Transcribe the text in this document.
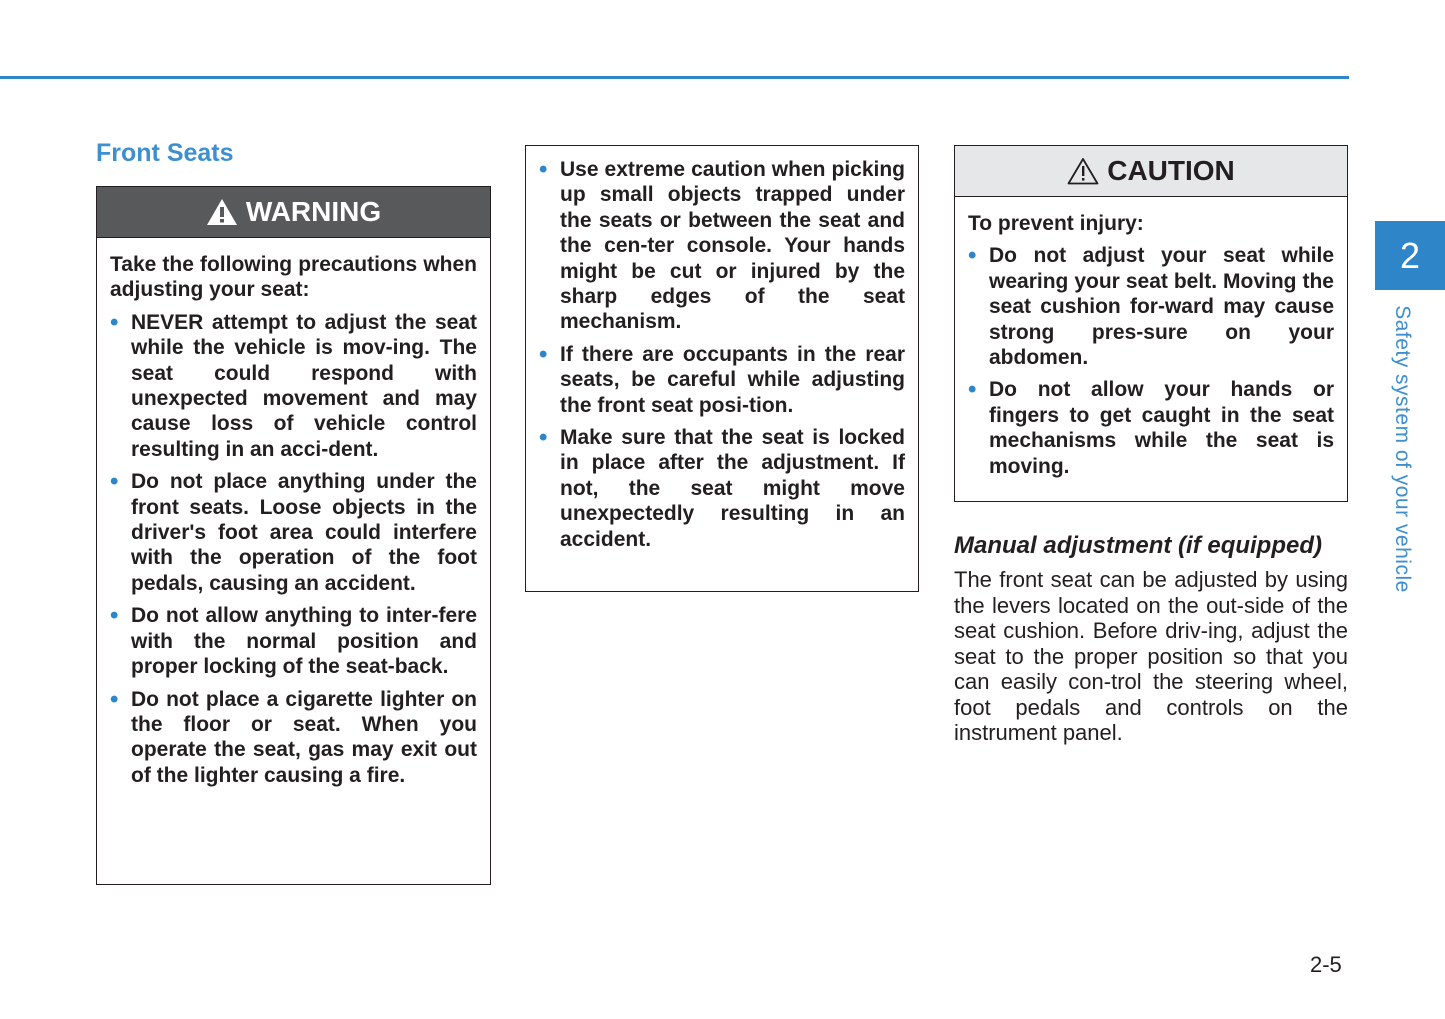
Front Seats
WARNING

Take the following precautions when adjusting your seat:

• NEVER attempt to adjust the seat while the vehicle is mov-ing. The seat could respond with unexpected movement and may cause loss of vehicle control resulting in an acci-dent.
• Do not place anything under the front seats. Loose objects in the driver's foot area could interfere with the operation of the foot pedals, causing an accident.
• Do not allow anything to inter-fere with the normal position and proper locking of the seat-back.
• Do not place a cigarette lighter on the floor or seat. When you operate the seat, gas may exit out of the lighter causing a fire.
• Use extreme caution when picking up small objects trapped under the seats or between the seat and the cen-ter console. Your hands might be cut or injured by the sharp edges of the seat mechanism.
• If there are occupants in the rear seats, be careful while adjusting the front seat posi-tion.
• Make sure that the seat is locked in place after the adjustment. If not, the seat might move unexpectedly resulting in an accident.
CAUTION

To prevent injury:

• Do not adjust your seat while wearing your seat belt. Moving the seat cushion for-ward may cause strong pres-sure on your abdomen.
• Do not allow your hands or fingers to get caught in the seat mechanisms while the seat is moving.
Manual adjustment (if equipped)

The front seat can be adjusted by using the levers located on the out-side of the seat cushion. Before driv-ing, adjust the seat to the proper position so that you can easily con-trol the steering wheel, foot pedals and controls on the instrument panel.

2
Safety system of your vehicle
2-5
